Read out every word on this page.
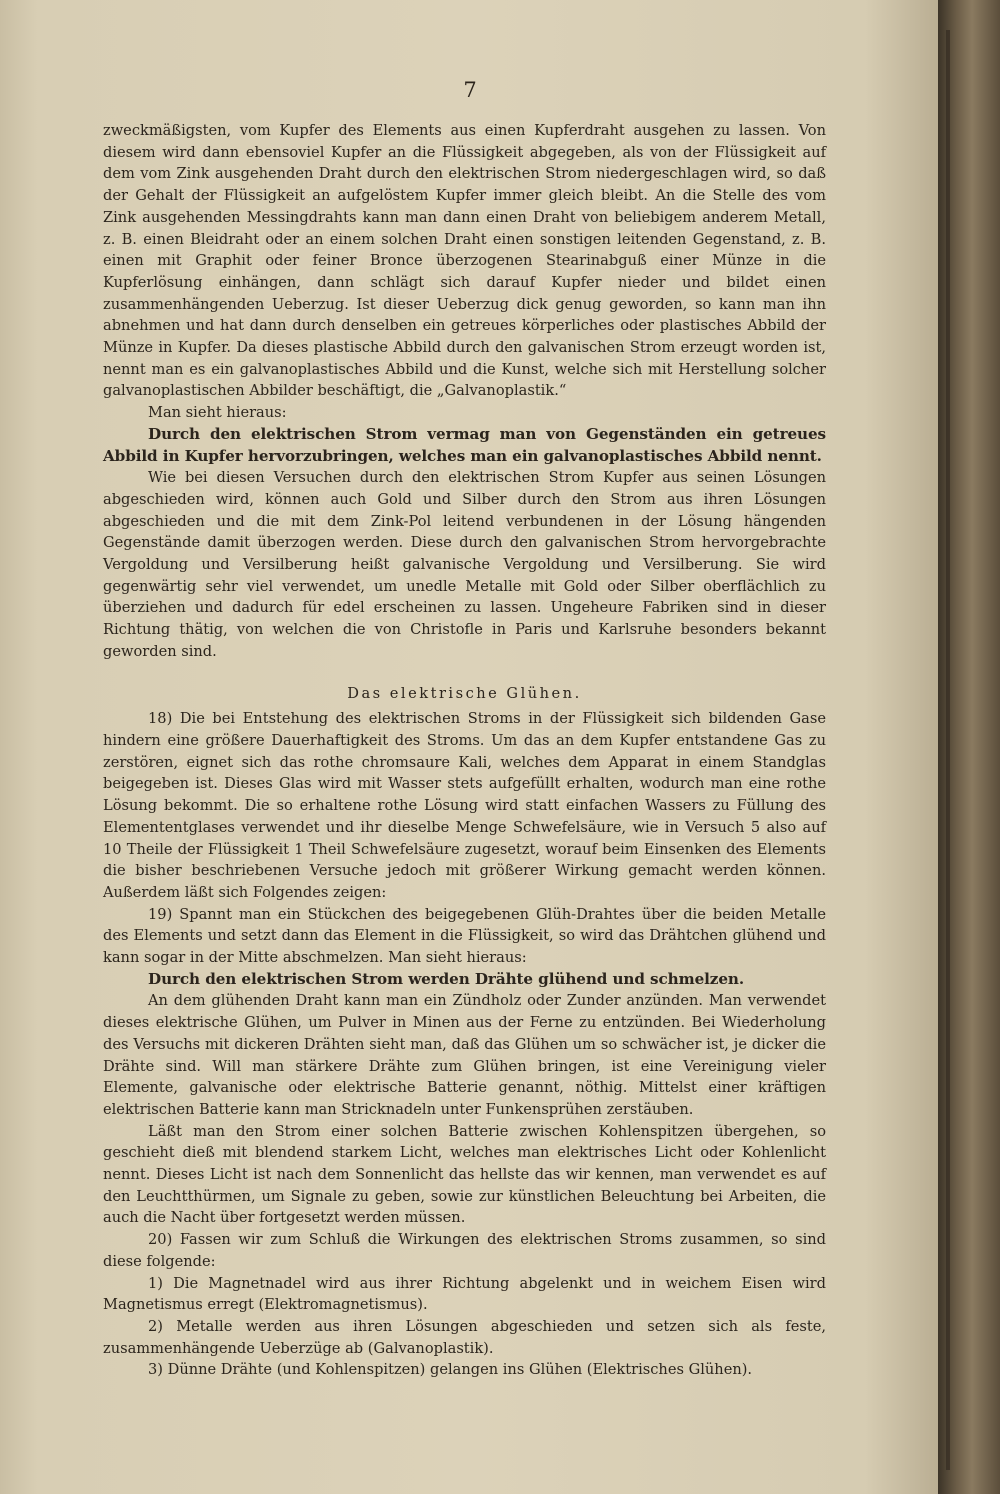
7

zweckmäßigsten, vom Kupfer des Elements aus einen Kupferdraht ausgehen zu lassen. Von diesem wird dann ebensoviel Kupfer an die Flüssigkeit abgegeben, als von der Flüssigkeit auf dem vom Zink ausgehenden Draht durch den elektrischen Strom niedergeschlagen wird, so daß der Gehalt der Flüssigkeit an aufgelöstem Kupfer immer gleich bleibt. An die Stelle des vom Zink ausgehenden Messingdrahts kann man dann einen Draht von beliebigem anderem Metall, z. B. einen Bleidraht oder an einem solchen Draht einen sonstigen leitenden Gegenstand, z. B. einen mit Graphit oder feiner Bronce überzogenen Stearinabguß einer Münze in die Kupferlösung einhängen, dann schlägt sich darauf Kupfer nieder und bildet einen zusammenhängenden Ueberzug. Ist dieser Ueberzug dick genug geworden, so kann man ihn abnehmen und hat dann durch denselben ein getreues körperliches oder plastisches Abbild der Münze in Kupfer. Da dieses plastische Abbild durch den galvanischen Strom erzeugt worden ist, nennt man es ein galvanoplastisches Abbild und die Kunst, welche sich mit Herstellung solcher galvanoplastischen Abbilder beschäftigt, die „Galvanoplastik.“

Man sieht hieraus:

Durch den elektrischen Strom vermag man von Gegenständen ein getreues Abbild in Kupfer hervorzubringen, welches man ein galvanoplastisches Abbild nennt.

Wie bei diesen Versuchen durch den elektrischen Strom Kupfer aus seinen Lösungen abgeschieden wird, können auch Gold und Silber durch den Strom aus ihren Lösungen abgeschieden und die mit dem Zink-Pol leitend verbundenen in der Lösung hängenden Gegenstände damit überzogen werden. Diese durch den galvanischen Strom hervorgebrachte Vergoldung und Versilberung heißt galvanische Vergoldung und Versilberung. Sie wird gegenwärtig sehr viel verwendet, um unedle Metalle mit Gold oder Silber oberflächlich zu überziehen und dadurch für edel erscheinen zu lassen. Ungeheure Fabriken sind in dieser Richtung thätig, von welchen die von Christofle in Paris und Karlsruhe besonders bekannt geworden sind.

Das elektrische Glühen.

18) Die bei Entstehung des elektrischen Stroms in der Flüssigkeit sich bildenden Gase hindern eine größere Dauerhaftigkeit des Stroms. Um das an dem Kupfer entstandene Gas zu zerstören, eignet sich das rothe chromsaure Kali, welches dem Apparat in einem Standglas beigegeben ist. Dieses Glas wird mit Wasser stets aufgefüllt erhalten, wodurch man eine rothe Lösung bekommt. Die so erhaltene rothe Lösung wird statt einfachen Wassers zu Füllung des Elemententglases verwendet und ihr dieselbe Menge Schwefelsäure, wie in Versuch 5 also auf 10 Theile der Flüssigkeit 1 Theil Schwefelsäure zugesetzt, worauf beim Einsenken des Elements die bisher beschriebenen Versuche jedoch mit größerer Wirkung gemacht werden können. Außerdem läßt sich Folgendes zeigen:

19) Spannt man ein Stückchen des beigegebenen Glüh-Drahtes über die beiden Metalle des Elements und setzt dann das Element in die Flüssigkeit, so wird das Drähtchen glühend und kann sogar in der Mitte abschmelzen. Man sieht hieraus:

Durch den elektrischen Strom werden Drähte glühend und schmelzen.

An dem glühenden Draht kann man ein Zündholz oder Zunder anzünden. Man verwendet dieses elektrische Glühen, um Pulver in Minen aus der Ferne zu entzünden. Bei Wiederholung des Versuchs mit dickeren Drähten sieht man, daß das Glühen um so schwächer ist, je dicker die Drähte sind. Will man stärkere Drähte zum Glühen bringen, ist eine Vereinigung vieler Elemente, galvanische oder elektrische Batterie genannt, nöthig. Mittelst einer kräftigen elektrischen Batterie kann man Stricknadeln unter Funkensprühen zerstäuben.

Läßt man den Strom einer solchen Batterie zwischen Kohlenspitzen übergehen, so geschieht dieß mit blendend starkem Licht, welches man elektrisches Licht oder Kohlenlicht nennt. Dieses Licht ist nach dem Sonnenlicht das hellste das wir kennen, man verwendet es auf den Leuchtthürmen, um Signale zu geben, sowie zur künstlichen Beleuchtung bei Arbeiten, die auch die Nacht über fortgesetzt werden müssen.

20) Fassen wir zum Schluß die Wirkungen des elektrischen Stroms zusammen, so sind diese folgende:

1) Die Magnetnadel wird aus ihrer Richtung abgelenkt und in weichem Eisen wird Magnetismus erregt (Elektromagnetismus).

2) Metalle werden aus ihren Lösungen abgeschieden und setzen sich als feste, zusammenhängende Ueberzüge ab (Galvanoplastik).

3) Dünne Drähte (und Kohlenspitzen) gelangen ins Glühen (Elektrisches Glühen).
